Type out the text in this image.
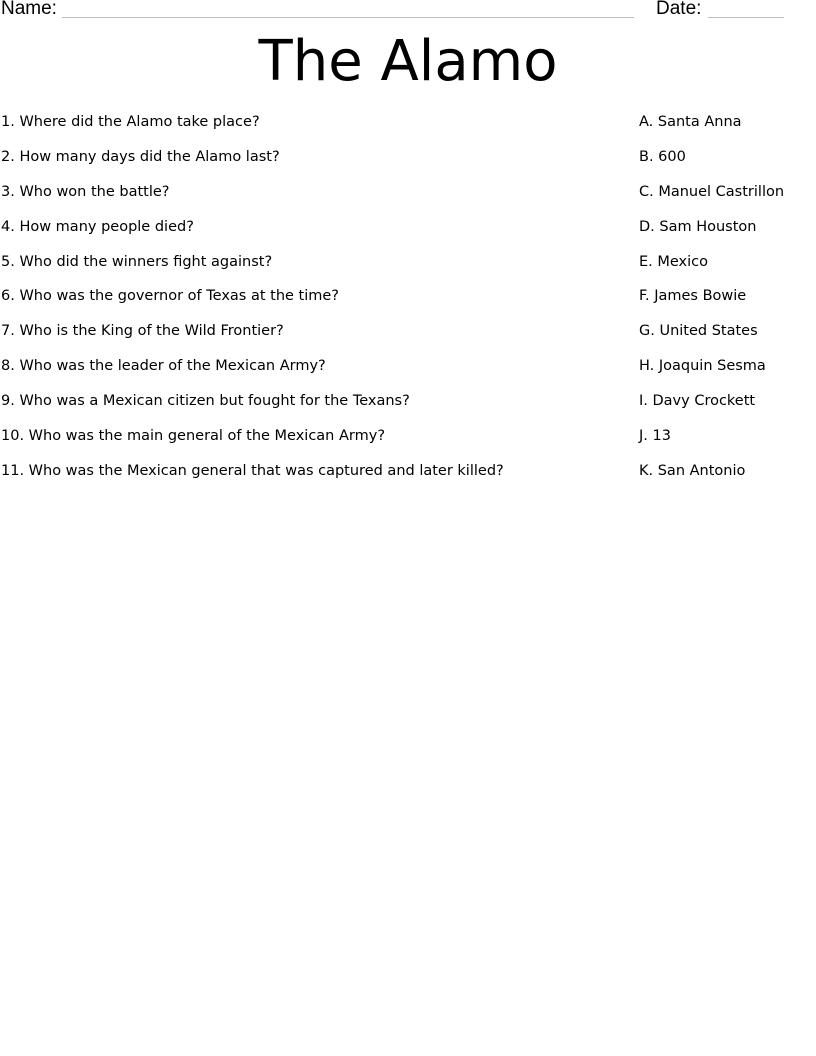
Name:	Date:
The Alamo
1. Where did the Alamo take place?	A. Santa Anna
2. How many days did the Alamo last?	B. 600
3. Who won the battle?	C. Manuel Castrillon
4. How many people died?	D. Sam Houston
5. Who did the winners fight against?	E. Mexico
6. Who was the governor of Texas at the time?	F. James Bowie
7. Who is the King of the Wild Frontier?	G. United States
8. Who was the leader of the Mexican Army?	H. Joaquin Sesma
9. Who was a Mexican citizen but fought for the Texans?	I. Davy Crockett
10. Who was the main general of the Mexican Army?	J. 13
11. Who was the Mexican general that was captured and later killed?	K. San Antonio
